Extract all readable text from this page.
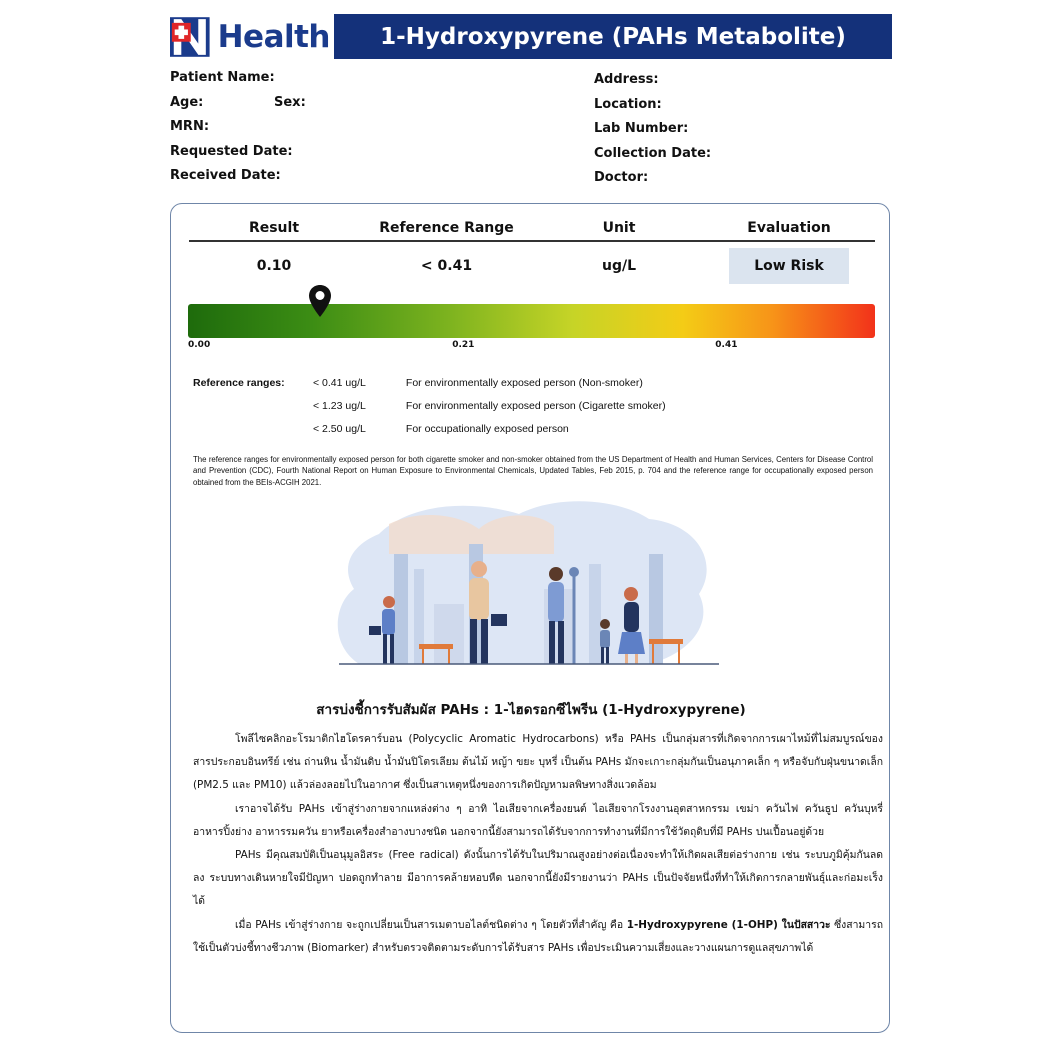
Health	1-Hydroxypyrene (PAHs Metabolite)
Patient Name:
Age:	Sex:
MRN:
Requested Date:
Received Date:
Address:
Location:
Lab Number:
Collection Date:
Doctor:
Result	Reference Range	Unit	Evaluation
0.10	< 0.41	ug/L	Low Risk
0.00	0.21	0.41
Reference ranges:	< 0.41 ug/L	For environmentally exposed person (Non-smoker)
< 1.23 ug/L	For environmentally exposed person (Cigarette smoker)
< 2.50 ug/L	For occupationally exposed person
The reference ranges for environmentally exposed person for both cigarette smoker and non-smoker obtained from the US Department of Health and Human Services, Centers for Disease Control and Prevention (CDC), Fourth National Report on Human Exposure to Environmental Chemicals, Updated Tables, Feb 2015, p. 704 and the reference range for occupationally exposed person obtained from the BEIs-ACGIH 2021.
สารบ่งชี้การรับสัมผัส PAHs : 1-ไฮดรอกซีไพรีน (1-Hydroxypyrene)

โพลีไซคลิกอะโรมาติกไฮโดรคาร์บอน (Polycyclic Aromatic Hydrocarbons) หรือ PAHs เป็นกลุ่มสารที่เกิดจากการเผาไหม้ที่ไม่สมบูรณ์ของสารประกอบอินทรีย์ เช่น ถ่านหิน น้ำมันดิบ น้ำมันปิโตรเลียม ต้นไม้ หญ้า ขยะ บุหรี่ เป็นต้น PAHs มักจะเกาะกลุ่มกันเป็นอนุภาคเล็ก ๆ หรือจับกับฝุ่นขนาดเล็ก (PM2.5 และ PM10) แล้วล่องลอยไปในอากาศ ซึ่งเป็นสาเหตุหนึ่งของการเกิดปัญหามลพิษทางสิ่งแวดล้อม

เราอาจได้รับ PAHs เข้าสู่ร่างกายจากแหล่งต่าง ๆ อาทิ ไอเสียจากเครื่องยนต์ ไอเสียจากโรงงานอุตสาหกรรม เขม่า ควันไฟ ควันธูป ควันบุหรี่ อาหารปิ้งย่าง อาหารรมควัน ยาหรือเครื่องสำอางบางชนิด นอกจากนี้ยังสามารถได้รับจากการทำงานที่มีการใช้วัตถุดิบที่มี PAHs ปนเปื้อนอยู่ด้วย

PAHs มีคุณสมบัติเป็นอนุมูลอิสระ (Free radical) ดังนั้นการได้รับในปริมาณสูงอย่างต่อเนื่องจะทำให้เกิดผลเสียต่อร่างกาย เช่น ระบบภูมิคุ้มกันลดลง ระบบทางเดินหายใจมีปัญหา ปอดถูกทำลาย มีอาการคล้ายหอบหืด นอกจากนี้ยังมีรายงานว่า PAHs เป็นปัจจัยหนึ่งที่ทำให้เกิดการกลายพันธุ์และก่อมะเร็งได้

เมื่อ PAHs เข้าสู่ร่างกาย จะถูกเปลี่ยนเป็นสารเมตาบอไลต์ชนิดต่าง ๆ โดยตัวที่สำคัญ คือ 1-Hydroxypyrene (1-OHP) ในปัสสาวะ ซึ่งสามารถใช้เป็นตัวบ่งชี้ทางชีวภาพ (Biomarker) สำหรับตรวจติดตามระดับการได้รับสาร PAHs เพื่อประเมินความเสี่ยงและวางแผนการดูแลสุขภาพได้
